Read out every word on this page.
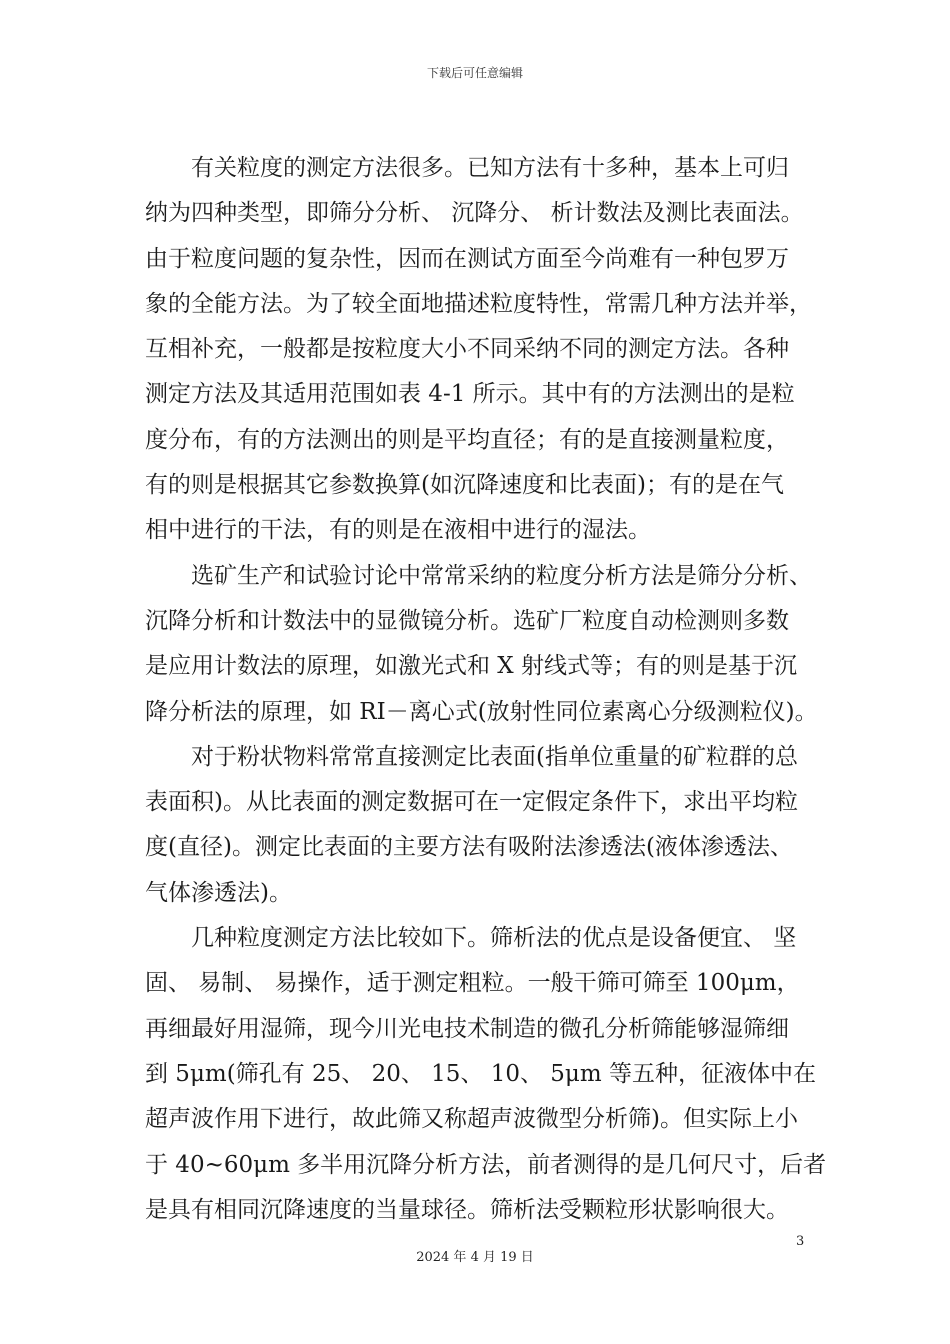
下载后可任意编辑
　　有关粒度的测定方法很多。已知方法有十多种，基本上可归
纳为四种类型，即筛分分析、 沉降分、 析计数法及测比表面法。
由于粒度问题的复杂性，因而在测试方面至今尚难有一种包罗万
象的全能方法。为了较全面地描述粒度特性，常需几种方法并举，
互相补充，一般都是按粒度大小不同采纳不同的测定方法。各种
测定方法及其适用范围如表 4-1 所示。其中有的方法测出的是粒
度分布，有的方法测出的则是平均直径；有的是直接测量粒度，
有的则是根据其它参数换算(如沉降速度和比表面)；有的是在气
相中进行的干法，有的则是在液相中进行的湿法。
　　选矿生产和试验讨论中常常采纳的粒度分析方法是筛分分析、
沉降分析和计数法中的显微镜分析。选矿厂粒度自动检测则多数
是应用计数法的原理，如激光式和 X 射线式等；有的则是基于沉
降分析法的原理，如 RI－离心式(放射性同位素离心分级测粒仪)。
　　对于粉状物料常常直接测定比表面(指单位重量的矿粒群的总
表面积)。从比表面的测定数据可在一定假定条件下，求出平均粒
度(直径)。测定比表面的主要方法有吸附法渗透法(液体渗透法、
气体渗透法)。
　　几种粒度测定方法比较如下。筛析法的优点是设备便宜、 坚
固、 易制、 易操作，适于测定粗粒。一般干筛可筛至 100μm，
再细最好用湿筛，现今川光电技术制造的微孔分析筛能够湿筛细
到 5μm(筛孔有 25、 20、 15、 10、 5μm 等五种，征液体中在
超声波作用下进行，故此筛又称超声波微型分析筛)。但实际上小
于 40~60μm 多半用沉降分析方法，前者测得的是几何尺寸，后者
是具有相同沉降速度的当量球径。筛析法受颗粒形状影响很大。
3
2024 年 4 月 19 日
